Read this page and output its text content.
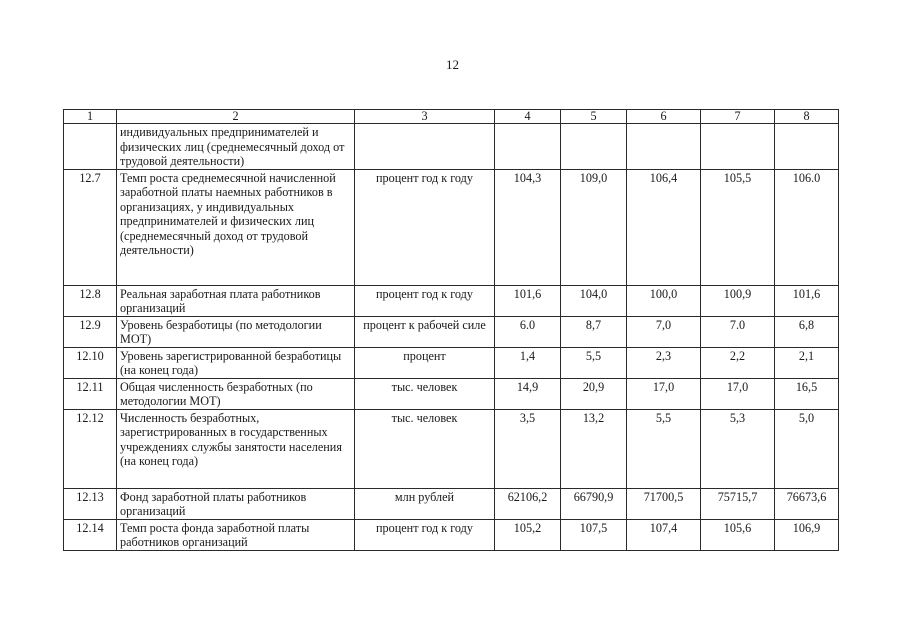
12
1	2	3	4	5	6	7	8
	индивидуальных предпринимателей и физических лиц (среднемесячный доход от трудовой деятельности)						
12.7	Темп роста среднемесячной начисленной заработной платы наемных работников в организациях, у индивидуальных предпринимателей и физических лиц (среднемесячный доход от трудовой деятельности)	процент год к году	104,3	109,0	106,4	105,5	106.0
12.8	Реальная заработная плата работников организаций	процент год к году	101,6	104,0	100,0	100,9	101,6
12.9	Уровень безработицы (по методологии МОТ)	процент к рабочей силе	6.0	8,7	7,0	7.0	6,8
12.10	Уровень зарегистрированной безработицы (на конец года)	процент	1,4	5,5	2,3	2,2	2,1
12.11	Общая численность безработных (по методологии МОТ)	тыс. человек	14,9	20,9	17,0	17,0	16,5
12.12	Численность безработных, зарегистрированных в государственных учреждениях службы занятости населения (на конец года)	тыс. человек	3,5	13,2	5,5	5,3	5,0
12.13	Фонд заработной платы работников организаций	млн рублей	62106,2	66790,9	71700,5	75715,7	76673,6
12.14	Темп роста фонда заработной платы работников организаций	процент год к году	105,2	107,5	107,4	105,6	106,9
